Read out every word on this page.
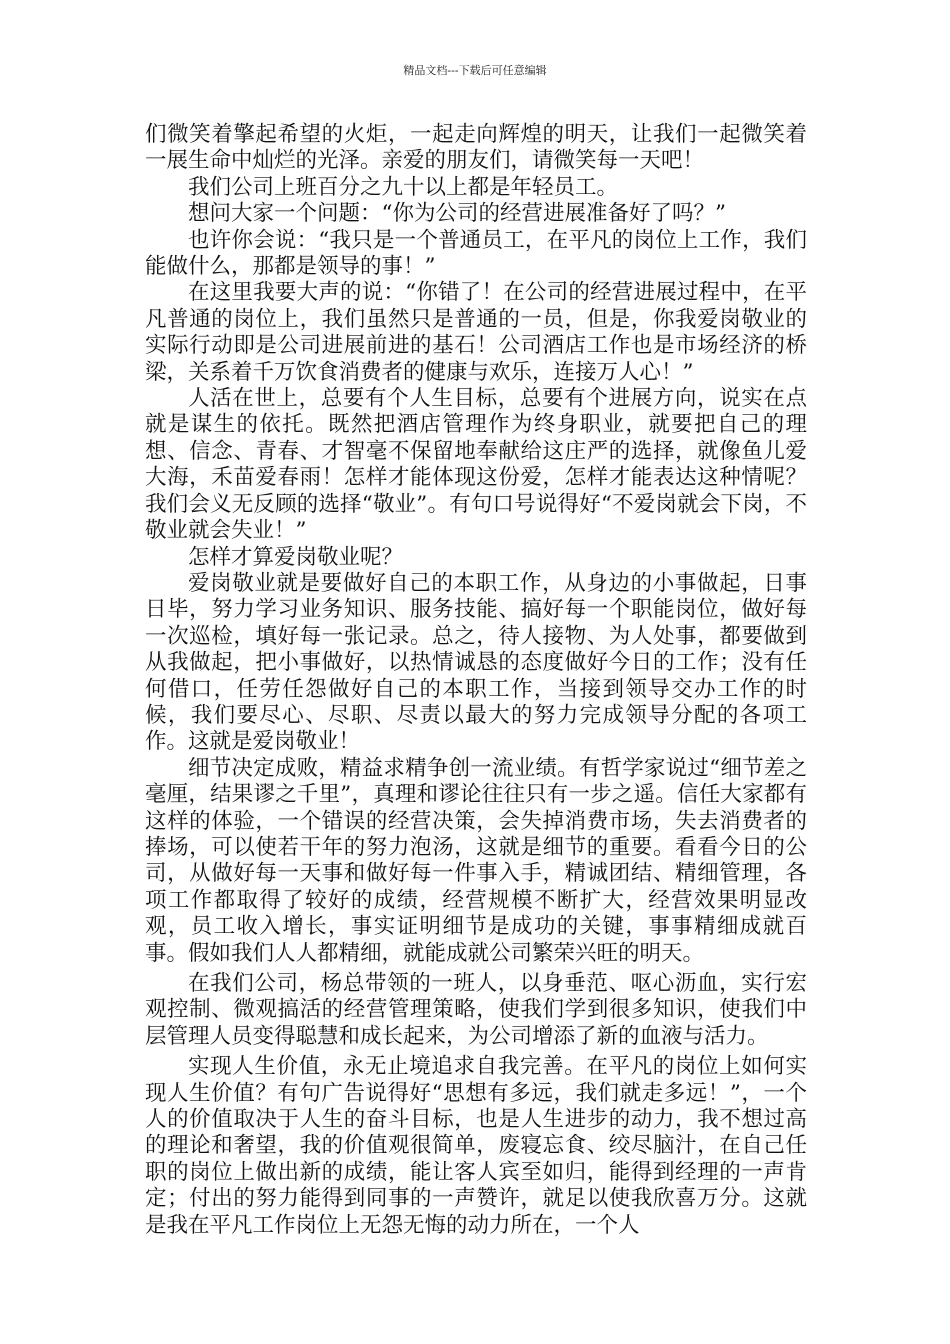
精品文档---下载后可任意编辑

们微笑着擎起希望的火炬，一起走向辉煌的明天，让我们一起微笑着一展生命中灿烂的光泽。亲爱的朋友们，请微笑每一天吧！

我们公司上班百分之九十以上都是年轻员工。

想问大家一个问题：“你为公司的经营进展准备好了吗？”

也许你会说：“我只是一个普通员工，在平凡的岗位上工作，我们能做什么，那都是领导的事！”

在这里我要大声的说：“你错了！在公司的经营进展过程中，在平凡普通的岗位上，我们虽然只是普通的一员，但是，你我爱岗敬业的实际行动即是公司进展前进的基石！公司酒店工作也是市场经济的桥梁，关系着千万饮食消费者的健康与欢乐，连接万人心！”

人活在世上，总要有个人生目标，总要有个进展方向，说实在点就是谋生的依托。既然把酒店管理作为终身职业，就要把自己的理想、信念、青春、才智毫不保留地奉献给这庄严的选择，就像鱼儿爱大海，禾苗爱春雨！怎样才能体现这份爱，怎样才能表达这种情呢？我们会义无反顾的选择“敬业”。有句口号说得好“不爱岗就会下岗，不敬业就会失业！”

怎样才算爱岗敬业呢？

爱岗敬业就是要做好自己的本职工作，从身边的小事做起，日事日毕，努力学习业务知识、服务技能、搞好每一个职能岗位，做好每一次巡检，填好每一张记录。总之，待人接物、为人处事，都要做到从我做起，把小事做好，以热情诚恳的态度做好今日的工作；没有任何借口，任劳任怨做好自己的本职工作，当接到领导交办工作的时候，我们要尽心、尽职、尽责以最大的努力完成领导分配的各项工作。这就是爱岗敬业！

细节决定成败，精益求精争创一流业绩。有哲学家说过“细节差之毫厘，结果谬之千里”，真理和谬论往往只有一步之遥。信任大家都有这样的体验，一个错误的经营决策，会失掉消费市场，失去消费者的捧场，可以使若干年的努力泡汤，这就是细节的重要。看看今日的公司，从做好每一天事和做好每一件事入手，精诚团结、精细管理，各项工作都取得了较好的成绩，经营规模不断扩大，经营效果明显改观，员工收入增长，事实证明细节是成功的关键，事事精细成就百事。假如我们人人都精细，就能成就公司繁荣兴旺的明天。

在我们公司，杨总带领的一班人，以身垂范、呕心沥血，实行宏观控制、微观搞活的经营管理策略，使我们学到很多知识，使我们中层管理人员变得聪慧和成长起来，为公司增添了新的血液与活力。

实现人生价值，永无止境追求自我完善。在平凡的岗位上如何实现人生价值？有句广告说得好“思想有多远，我们就走多远！”，一个人的价值取决于人生的奋斗目标，也是人生进步的动力，我不想过高的理论和奢望，我的价值观很简单，废寝忘食、绞尽脑汁，在自己任职的岗位上做出新的成绩，能让客人宾至如归，能得到经理的一声肯定；付出的努力能得到同事的一声赞许，就足以使我欣喜万分。这就是我在平凡工作岗位上无怨无悔的动力所在，一个人
